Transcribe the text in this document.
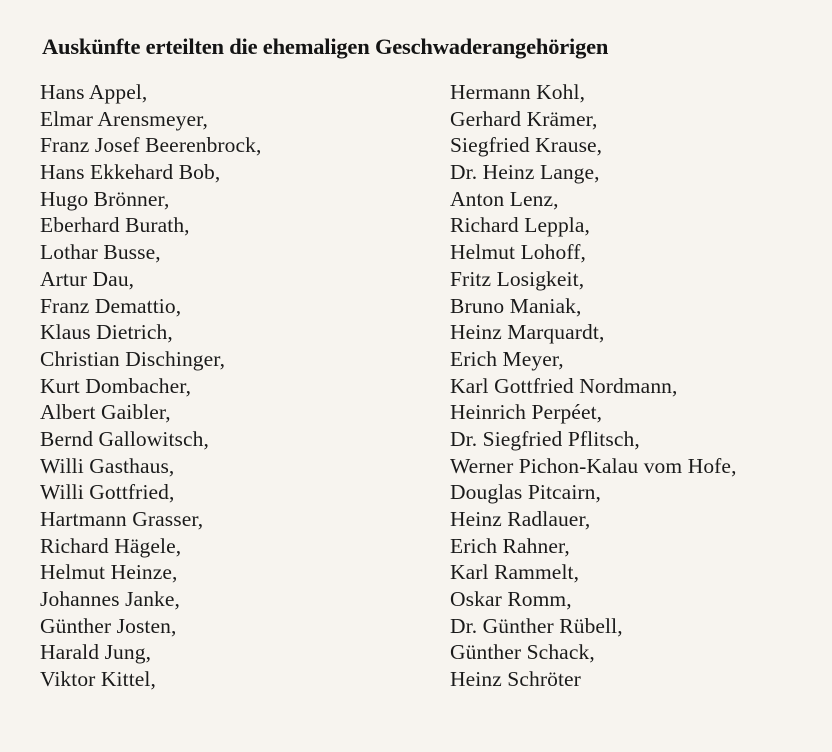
Auskünfte erteilten die ehemaligen Geschwaderangehörigen
Hans Appel,
Elmar Arensmeyer,
Franz Josef Beerenbrock,
Hans Ekkehard Bob,
Hugo Brönner,
Eberhard Burath,
Lothar Busse,
Artur Dau,
Franz Demattio,
Klaus Dietrich,
Christian Dischinger,
Kurt Dombacher,
Albert Gaibler,
Bernd Gallowitsch,
Willi Gasthaus,
Willi Gottfried,
Hartmann Grasser,
Richard Hägele,
Helmut Heinze,
Johannes Janke,
Günther Josten,
Harald Jung,
Viktor Kittel,
Hermann Kohl,
Gerhard Krämer,
Siegfried Krause,
Dr. Heinz Lange,
Anton Lenz,
Richard Leppla,
Helmut Lohoff,
Fritz Losigkeit,
Bruno Maniak,
Heinz Marquardt,
Erich Meyer,
Karl Gottfried Nordmann,
Heinrich Perpéet,
Dr. Siegfried Pflitsch,
Werner Pichon-Kalau vom Hofe,
Douglas Pitcairn,
Heinz Radlauer,
Erich Rahner,
Karl Rammelt,
Oskar Romm,
Dr. Günther Rübell,
Günther Schack,
Heinz Schröter
